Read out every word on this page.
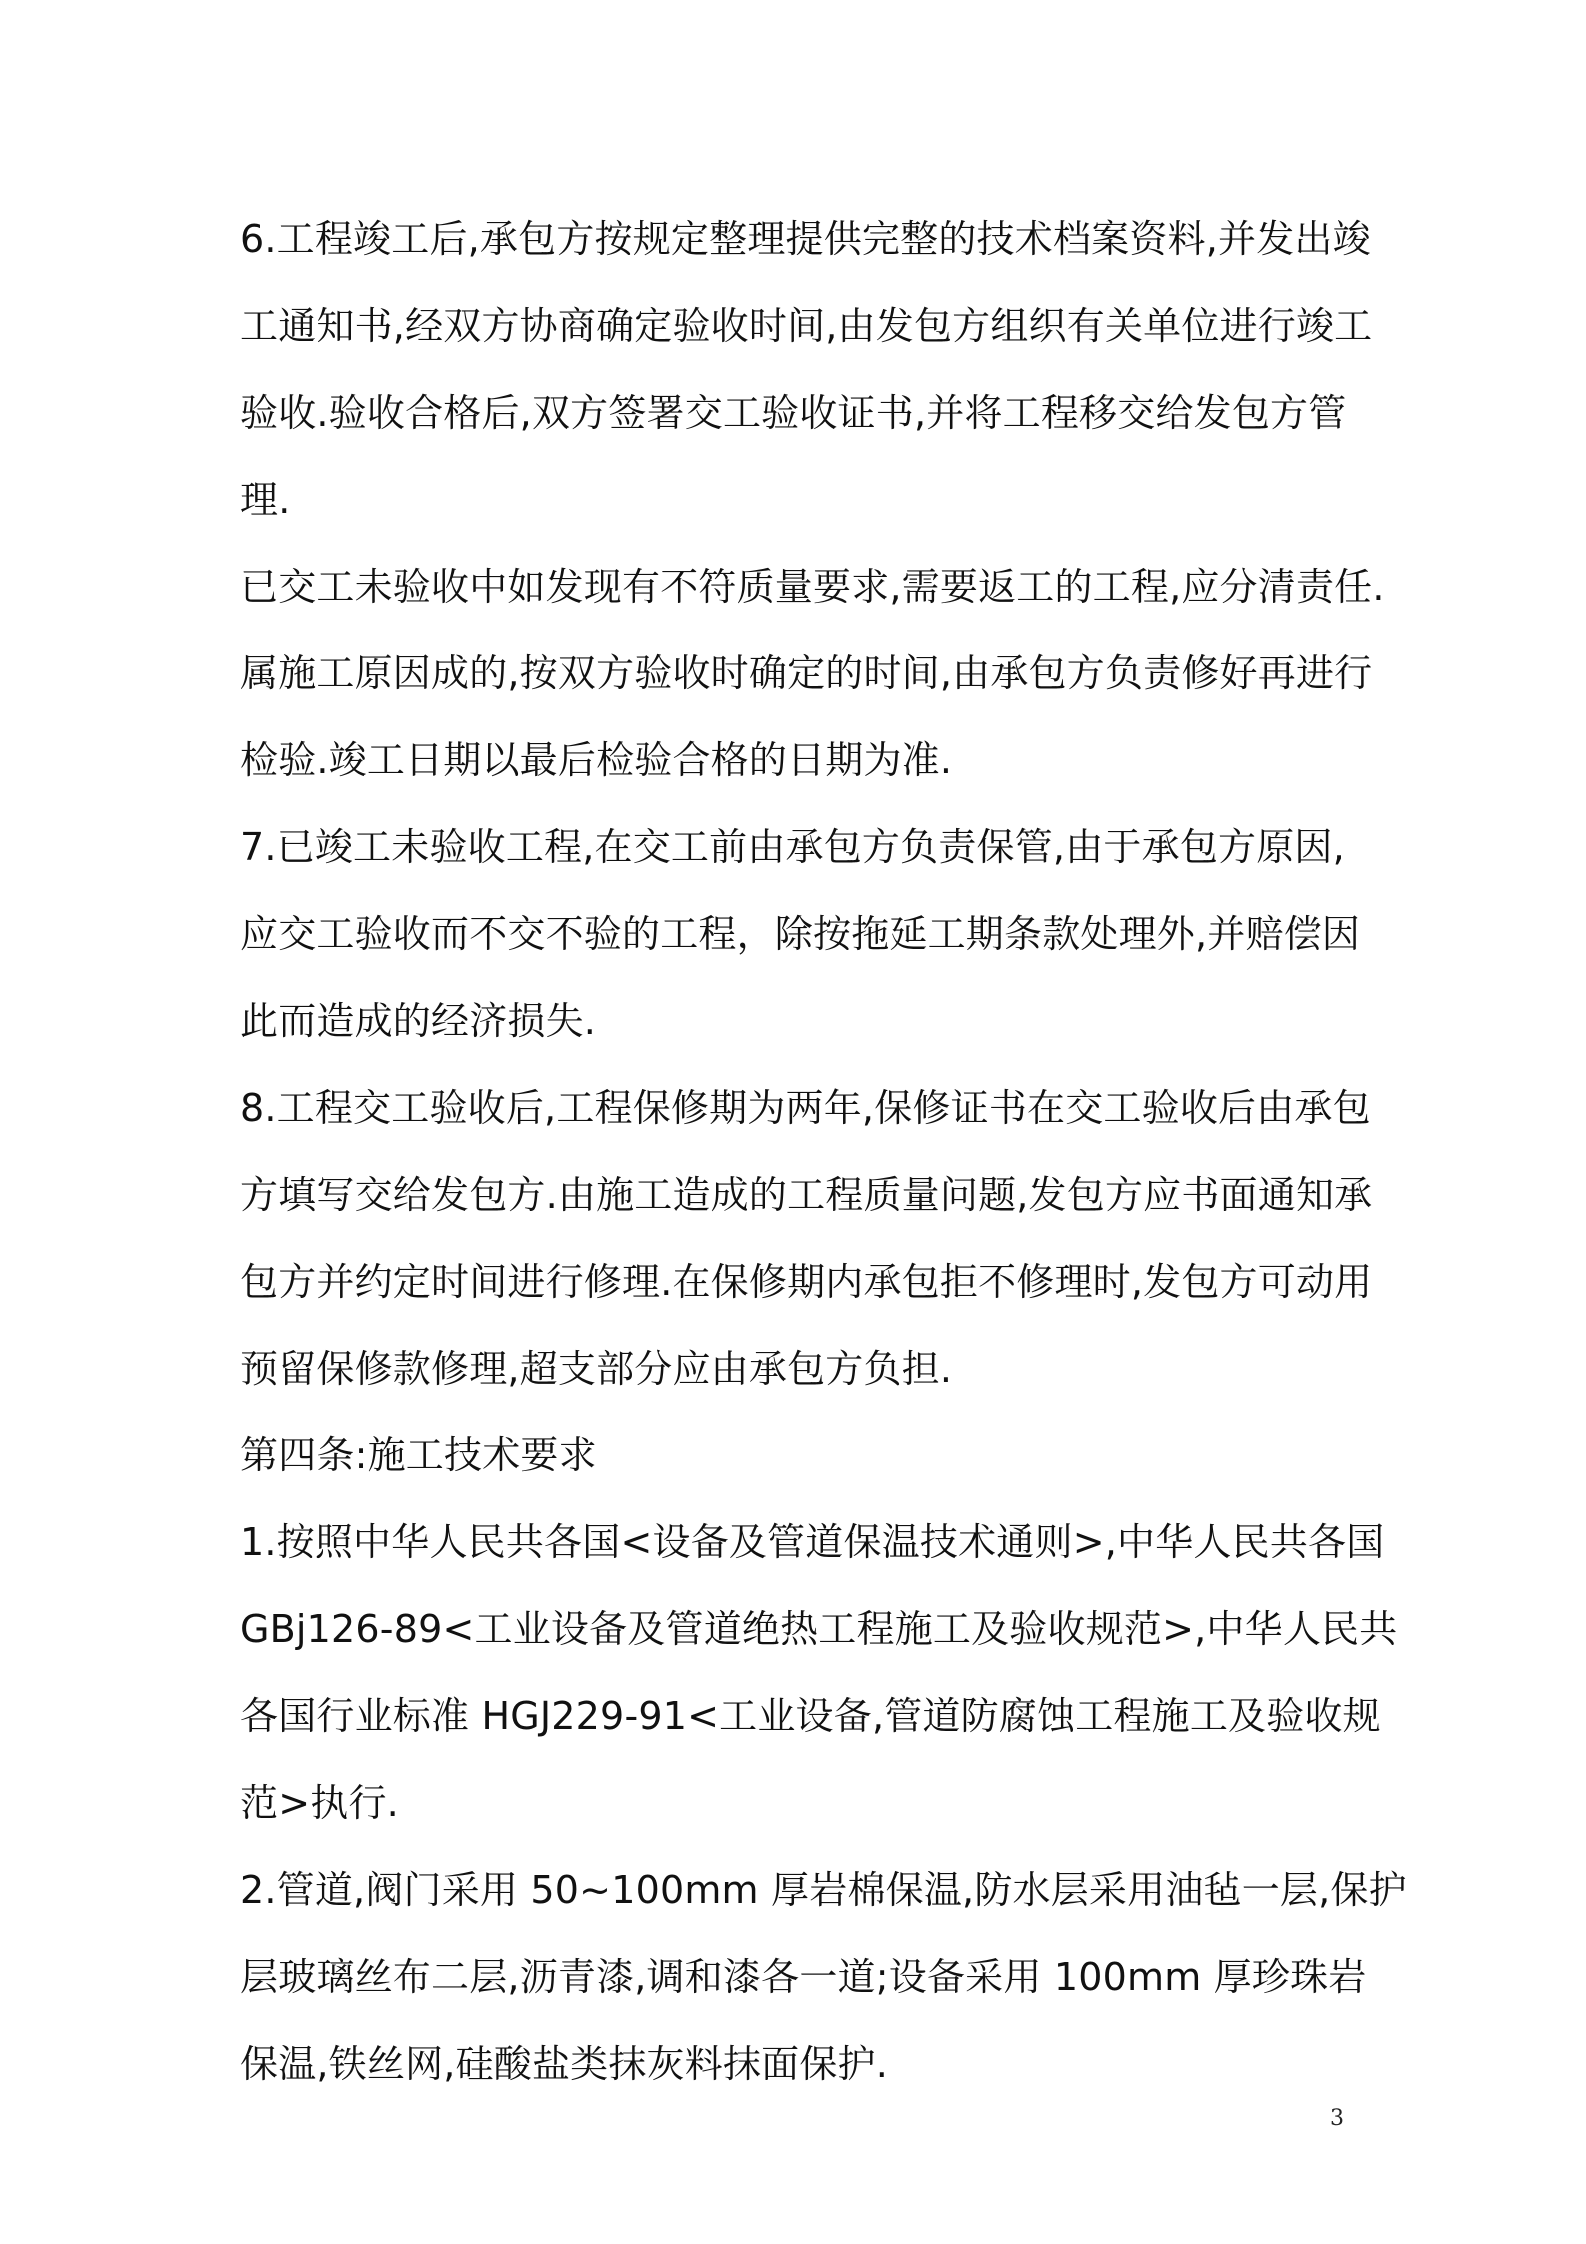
6.工程竣工后,承包方按规定整理提供完整的技术档案资料,并发出竣
工通知书,经双方协商确定验收时间,由发包方组织有关单位进行竣工
验收.验收合格后,双方签署交工验收证书,并将工程移交给发包方管
理.
已交工未验收中如发现有不符质量要求,需要返工的工程,应分清责任.
属施工原因成的,按双方验收时确定的时间,由承包方负责修好再进行
检验.竣工日期以最后检验合格的日期为准.
7.已竣工未验收工程,在交工前由承包方负责保管,由于承包方原因,
应交工验收而不交不验的工程，除按拖延工期条款处理外,并赔偿因
此而造成的经济损失.
8.工程交工验收后,工程保修期为两年,保修证书在交工验收后由承包
方填写交给发包方.由施工造成的工程质量问题,发包方应书面通知承
包方并约定时间进行修理.在保修期内承包拒不修理时,发包方可动用
预留保修款修理,超支部分应由承包方负担.
第四条:施工技术要求
1.按照中华人民共各国<设备及管道保温技术通则>,中华人民共各国
GBj126-89<工业设备及管道绝热工程施工及验收规范>,中华人民共
各国行业标准 HGJ229-91<工业设备,管道防腐蚀工程施工及验收规
范>执行.
2.管道,阀门采用 50~100mm 厚岩棉保温,防水层采用油毡一层,保护
层玻璃丝布二层,沥青漆,调和漆各一道;设备采用 100mm 厚珍珠岩
保温,铁丝网,硅酸盐类抹灰料抹面保护.
3
